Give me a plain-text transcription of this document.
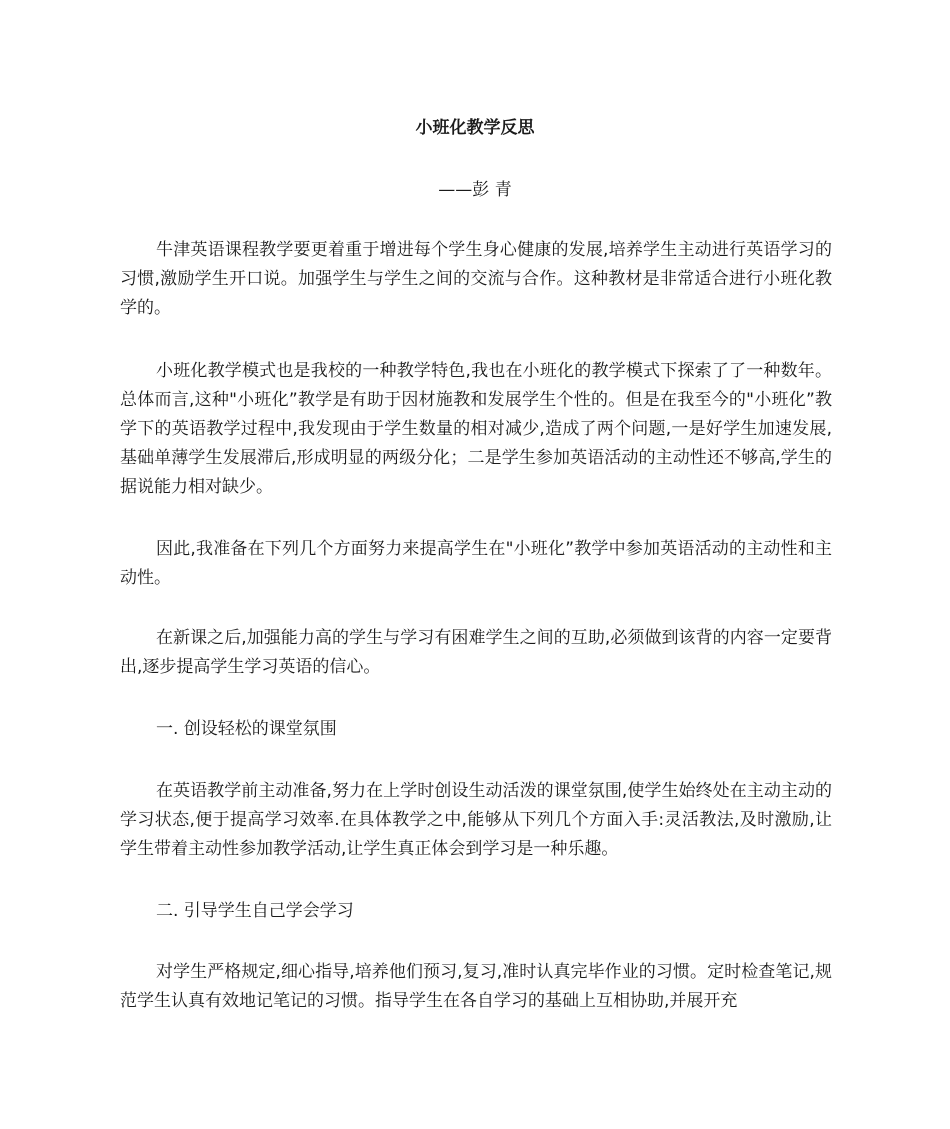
小班化教学反思

——彭 青

牛津英语课程教学要更着重于增进每个学生身心健康的发展,培养学生主动进行英语学习的习惯,激励学生开口说。加强学生与学生之间的交流与合作。这种教材是非常适合进行小班化教学的。

小班化教学模式也是我校的一种教学特色,我也在小班化的教学模式下探索了了一种数年。总体而言,这种"小班化”教学是有助于因材施教和发展学生个性的。但是在我至今的"小班化”教学下的英语教学过程中,我发现由于学生数量的相对减少,造成了两个问题,一是好学生加速发展,基础单薄学生发展滞后,形成明显的两级分化；二是学生参加英语活动的主动性还不够高,学生的据说能力相对缺少。

因此,我准备在下列几个方面努力来提高学生在"小班化”教学中参加英语活动的主动性和主动性。

在新课之后,加强能力高的学生与学习有困难学生之间的互助,必须做到该背的内容一定要背出,逐步提高学生学习英语的信心。

一. 创设轻松的课堂氛围

在英语教学前主动准备,努力在上学时创设生动活泼的课堂氛围,使学生始终处在主动主动的学习状态,便于提高学习效率.在具体教学之中,能够从下列几个方面入手:灵活教法,及时激励,让学生带着主动性参加教学活动,让学生真正体会到学习是一种乐趣。

二. 引导学生自己学会学习

对学生严格规定,细心指导,培养他们预习,复习,准时认真完毕作业的习惯。定时检查笔记,规范学生认真有效地记笔记的习惯。指导学生在各自学习的基础上互相协助,并展开充
